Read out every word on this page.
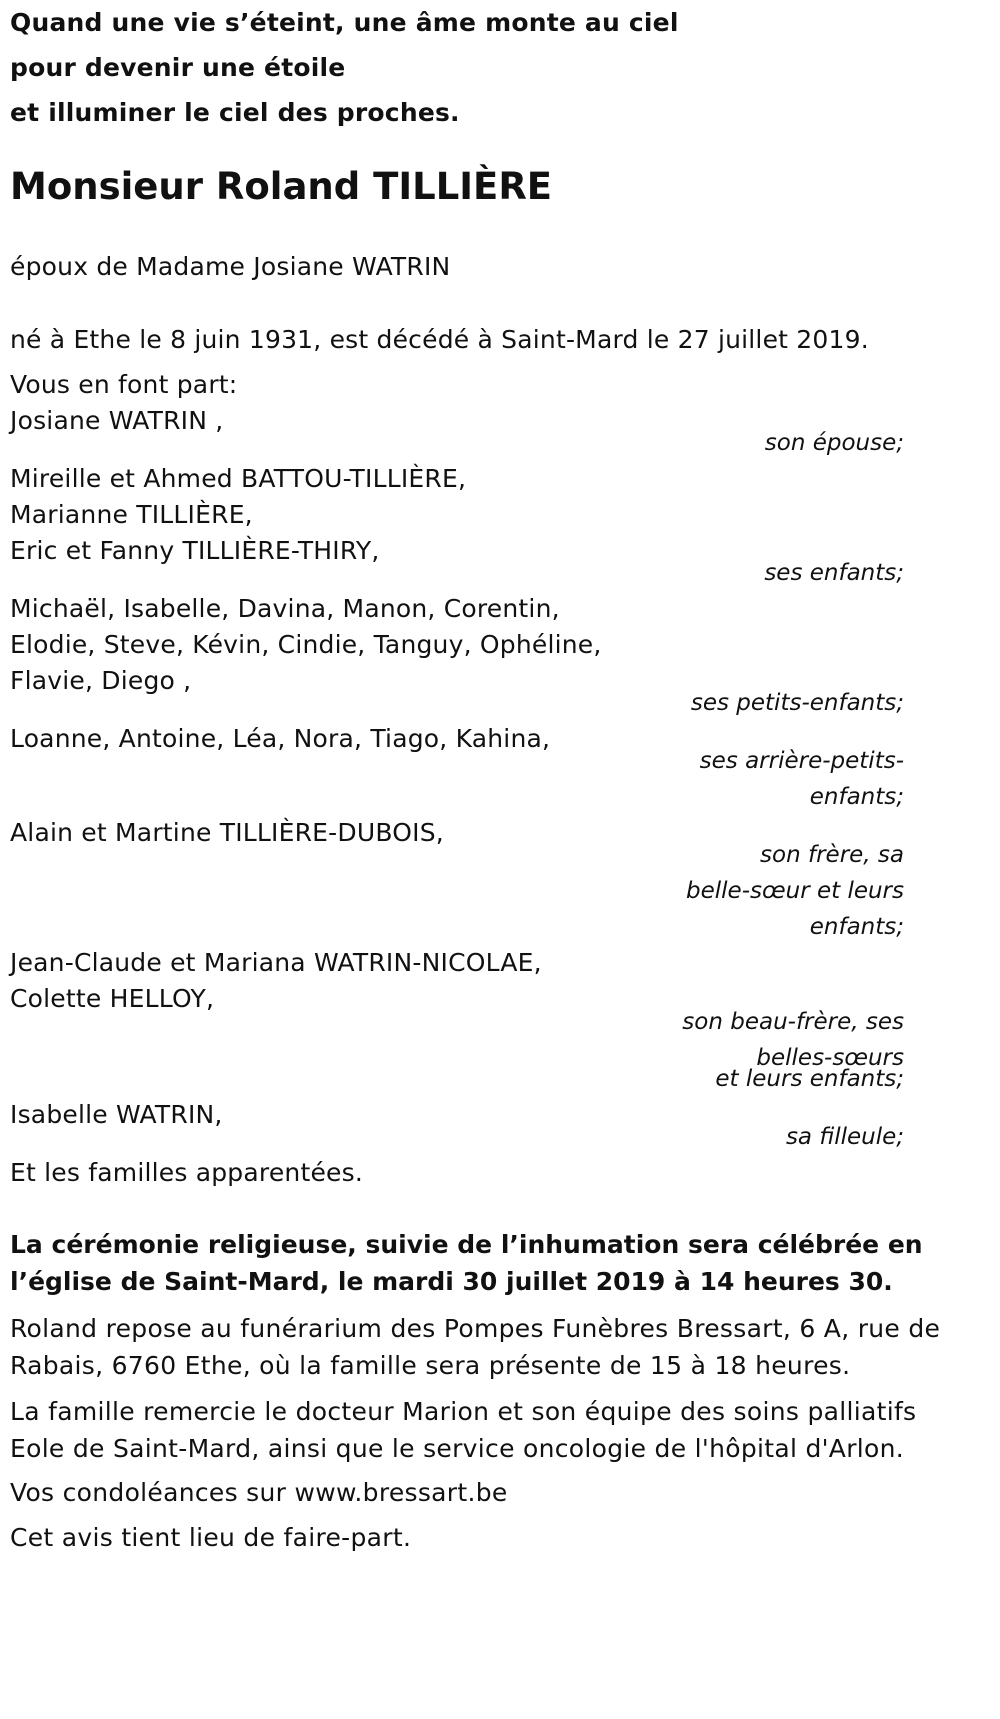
Quand une vie s’éteint, une âme monte au ciel
pour devenir une étoile
et illuminer le ciel des proches.
Monsieur Roland TILLIÈRE
époux de Madame Josiane WATRIN
né à Ethe le 8 juin 1931, est décédé à Saint-Mard le 27 juillet 2019.
Vous en font part:
Josiane WATRIN ,
son épouse;
Mireille et Ahmed BATTOU-TILLIÈRE,
Marianne TILLIÈRE,
Eric et Fanny TILLIÈRE-THIRY,
ses enfants;
Michaël, Isabelle, Davina, Manon, Corentin,
Elodie, Steve, Kévin, Cindie, Tanguy, Ophéline,
Flavie, Diego ,
ses petits-enfants;
Loanne, Antoine, Léa, Nora, Tiago, Kahina,
ses arrière-petits-
enfants;
Alain et Martine TILLIÈRE-DUBOIS,
son frère, sa
belle-sœur et leurs
enfants;
Jean-Claude et Mariana WATRIN-NICOLAE,
Colette HELLOY,
son beau-frère, ses
belles-sœurs
et leurs enfants;
Isabelle WATRIN,
sa filleule;
Et les familles apparentées.
La cérémonie religieuse, suivie de l’inhumation sera célébrée en
l’église de Saint-Mard, le mardi 30 juillet 2019 à 14 heures 30.
Roland repose au funérarium des Pompes Funèbres Bressart, 6 A, rue de
Rabais, 6760 Ethe, où la famille sera présente de 15 à 18 heures.
La famille remercie le docteur Marion et son équipe des soins palliatifs
Eole de Saint-Mard, ainsi que le service oncologie de l'hôpital d'Arlon.
Vos condoléances sur www.bressart.be
Cet avis tient lieu de faire-part.
